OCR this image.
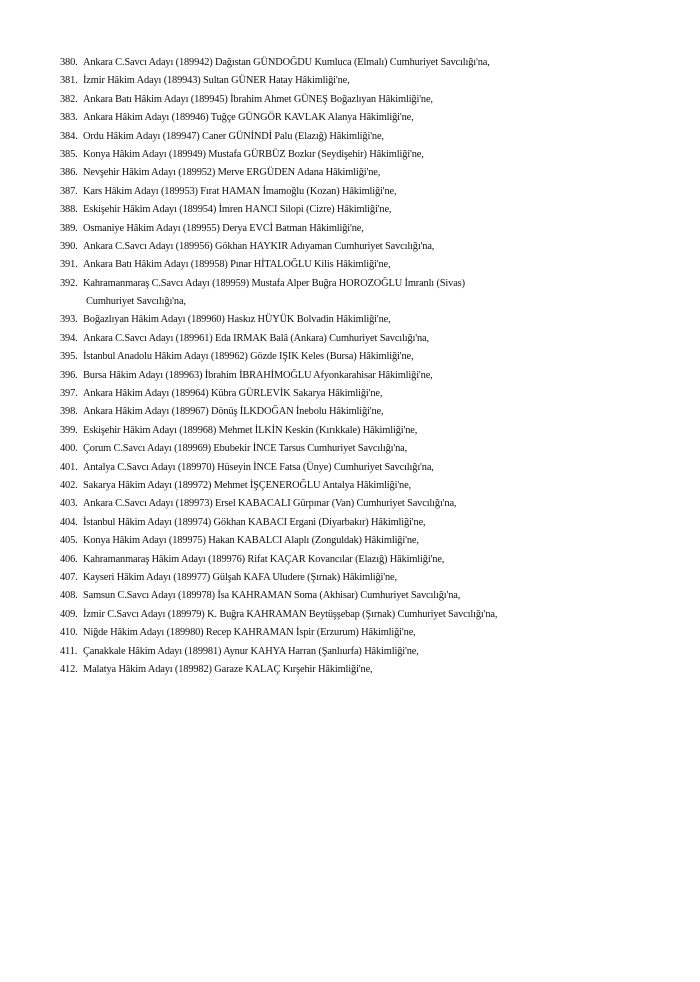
380. Ankara C.Savcı Adayı (189942) Dağıstan GÜNDOĞDU Kumluca (Elmalı) Cumhuriyet Savcılığı'na,
381. İzmir Hâkim Adayı (189943) Sultan GÜNER Hatay Hâkimliği'ne,
382. Ankara Batı Hâkim Adayı (189945) İbrahim Ahmet GÜNEŞ Boğazlıyan Hâkimliği'ne,
383. Ankara Hâkim Adayı (189946) Tuğçe GÜNGÖR KAVLAK Alanya Hâkimliği'ne,
384. Ordu Hâkim Adayı (189947) Caner GÜNİNDİ Palu (Elazığ) Hâkimliği'ne,
385. Konya Hâkim Adayı (189949) Mustafa GÜRBÜZ Bozkır (Seydişehir) Hâkimliği'ne,
386. Nevşehir Hâkim Adayı (189952) Merve ERGÜDEN Adana Hâkimliği'ne,
387. Kars Hâkim Adayı (189953) Fırat HAMAN İmamoğlu (Kozan) Hâkimliği'ne,
388. Eskişehir Hâkim Adayı (189954) İmren HANCI Silopi (Cizre) Hâkimliği'ne,
389. Osmaniye Hâkim Adayı (189955) Derya EVCİ Batman Hâkimliği'ne,
390. Ankara C.Savcı Adayı (189956) Gökhan HAYKIR Adıyaman Cumhuriyet Savcılığı'na,
391. Ankara Batı Hâkim Adayı (189958) Pınar HİTALOĞLU Kilis Hâkimliği'ne,
392. Kahramanmaraş C.Savcı Adayı (189959) Mustafa Alper Buğra HOROZOĞLU İmranlı (Sivas)
Cumhuriyet Savcılığı'na,
393. Boğazlıyan Hâkim Adayı (189960) Haskız HÜYÜK Bolvadin Hâkimliği'ne,
394. Ankara C.Savcı Adayı (189961) Eda IRMAK Balâ (Ankara) Cumhuriyet Savcılığı'na,
395. İstanbul Anadolu Hâkim Adayı (189962) Gözde IŞIK Keles (Bursa) Hâkimliği'ne,
396. Bursa Hâkim Adayı (189963) İbrahim İBRAHİMOĞLU Afyonkarahisar Hâkimliği'ne,
397. Ankara Hâkim Adayı (189964) Kübra GÜRLEVİK Sakarya Hâkimliği'ne,
398. Ankara Hâkim Adayı (189967) Dönüş İLKDOĞAN İnebolu Hâkimliği'ne,
399. Eskişehir Hâkim Adayı (189968) Mehmet İLKİN Keskin (Kırıkkale) Hâkimliği'ne,
400. Çorum C.Savcı Adayı (189969) Ebubekir İNCE Tarsus Cumhuriyet Savcılığı'na,
401. Antalya C.Savcı Adayı (189970) Hüseyin İNCE Fatsa (Ünye) Cumhuriyet Savcılığı'na,
402. Sakarya Hâkim Adayı (189972) Mehmet İŞÇENEROĞLU Antalya Hâkimliği'ne,
403. Ankara C.Savcı Adayı (189973) Ersel KABACALI Gürpınar (Van) Cumhuriyet Savcılığı'na,
404. İstanbul Hâkim Adayı (189974) Gökhan KABACI Ergani (Diyarbakır) Hâkimliği'ne,
405. Konya Hâkim Adayı (189975) Hakan KABALCI Alaplı (Zonguldak) Hâkimliği'ne,
406. Kahramanmaraş Hâkim Adayı (189976) Rifat KAÇAR Kovancılar (Elazığ) Hâkimliği'ne,
407. Kayseri Hâkim Adayı (189977) Gülşah KAFA Uludere (Şırnak) Hâkimliği'ne,
408. Samsun C.Savcı Adayı (189978) İsa KAHRAMAN Soma (Akhisar) Cumhuriyet Savcılığı'na,
409. İzmir C.Savcı Adayı (189979) K. Buğra KAHRAMAN Beytüşşebap (Şırnak) Cumhuriyet Savcılığı'na,
410. Niğde Hâkim Adayı (189980) Recep KAHRAMAN İspir (Erzurum) Hâkimliği'ne,
411. Çanakkale Hâkim Adayı (189981) Aynur KAHYA Harran (Şanlıurfa) Hâkimliği'ne,
412. Malatya Hâkim Adayı (189982) Garaze KALAÇ Kırşehir Hâkimliği'ne,
